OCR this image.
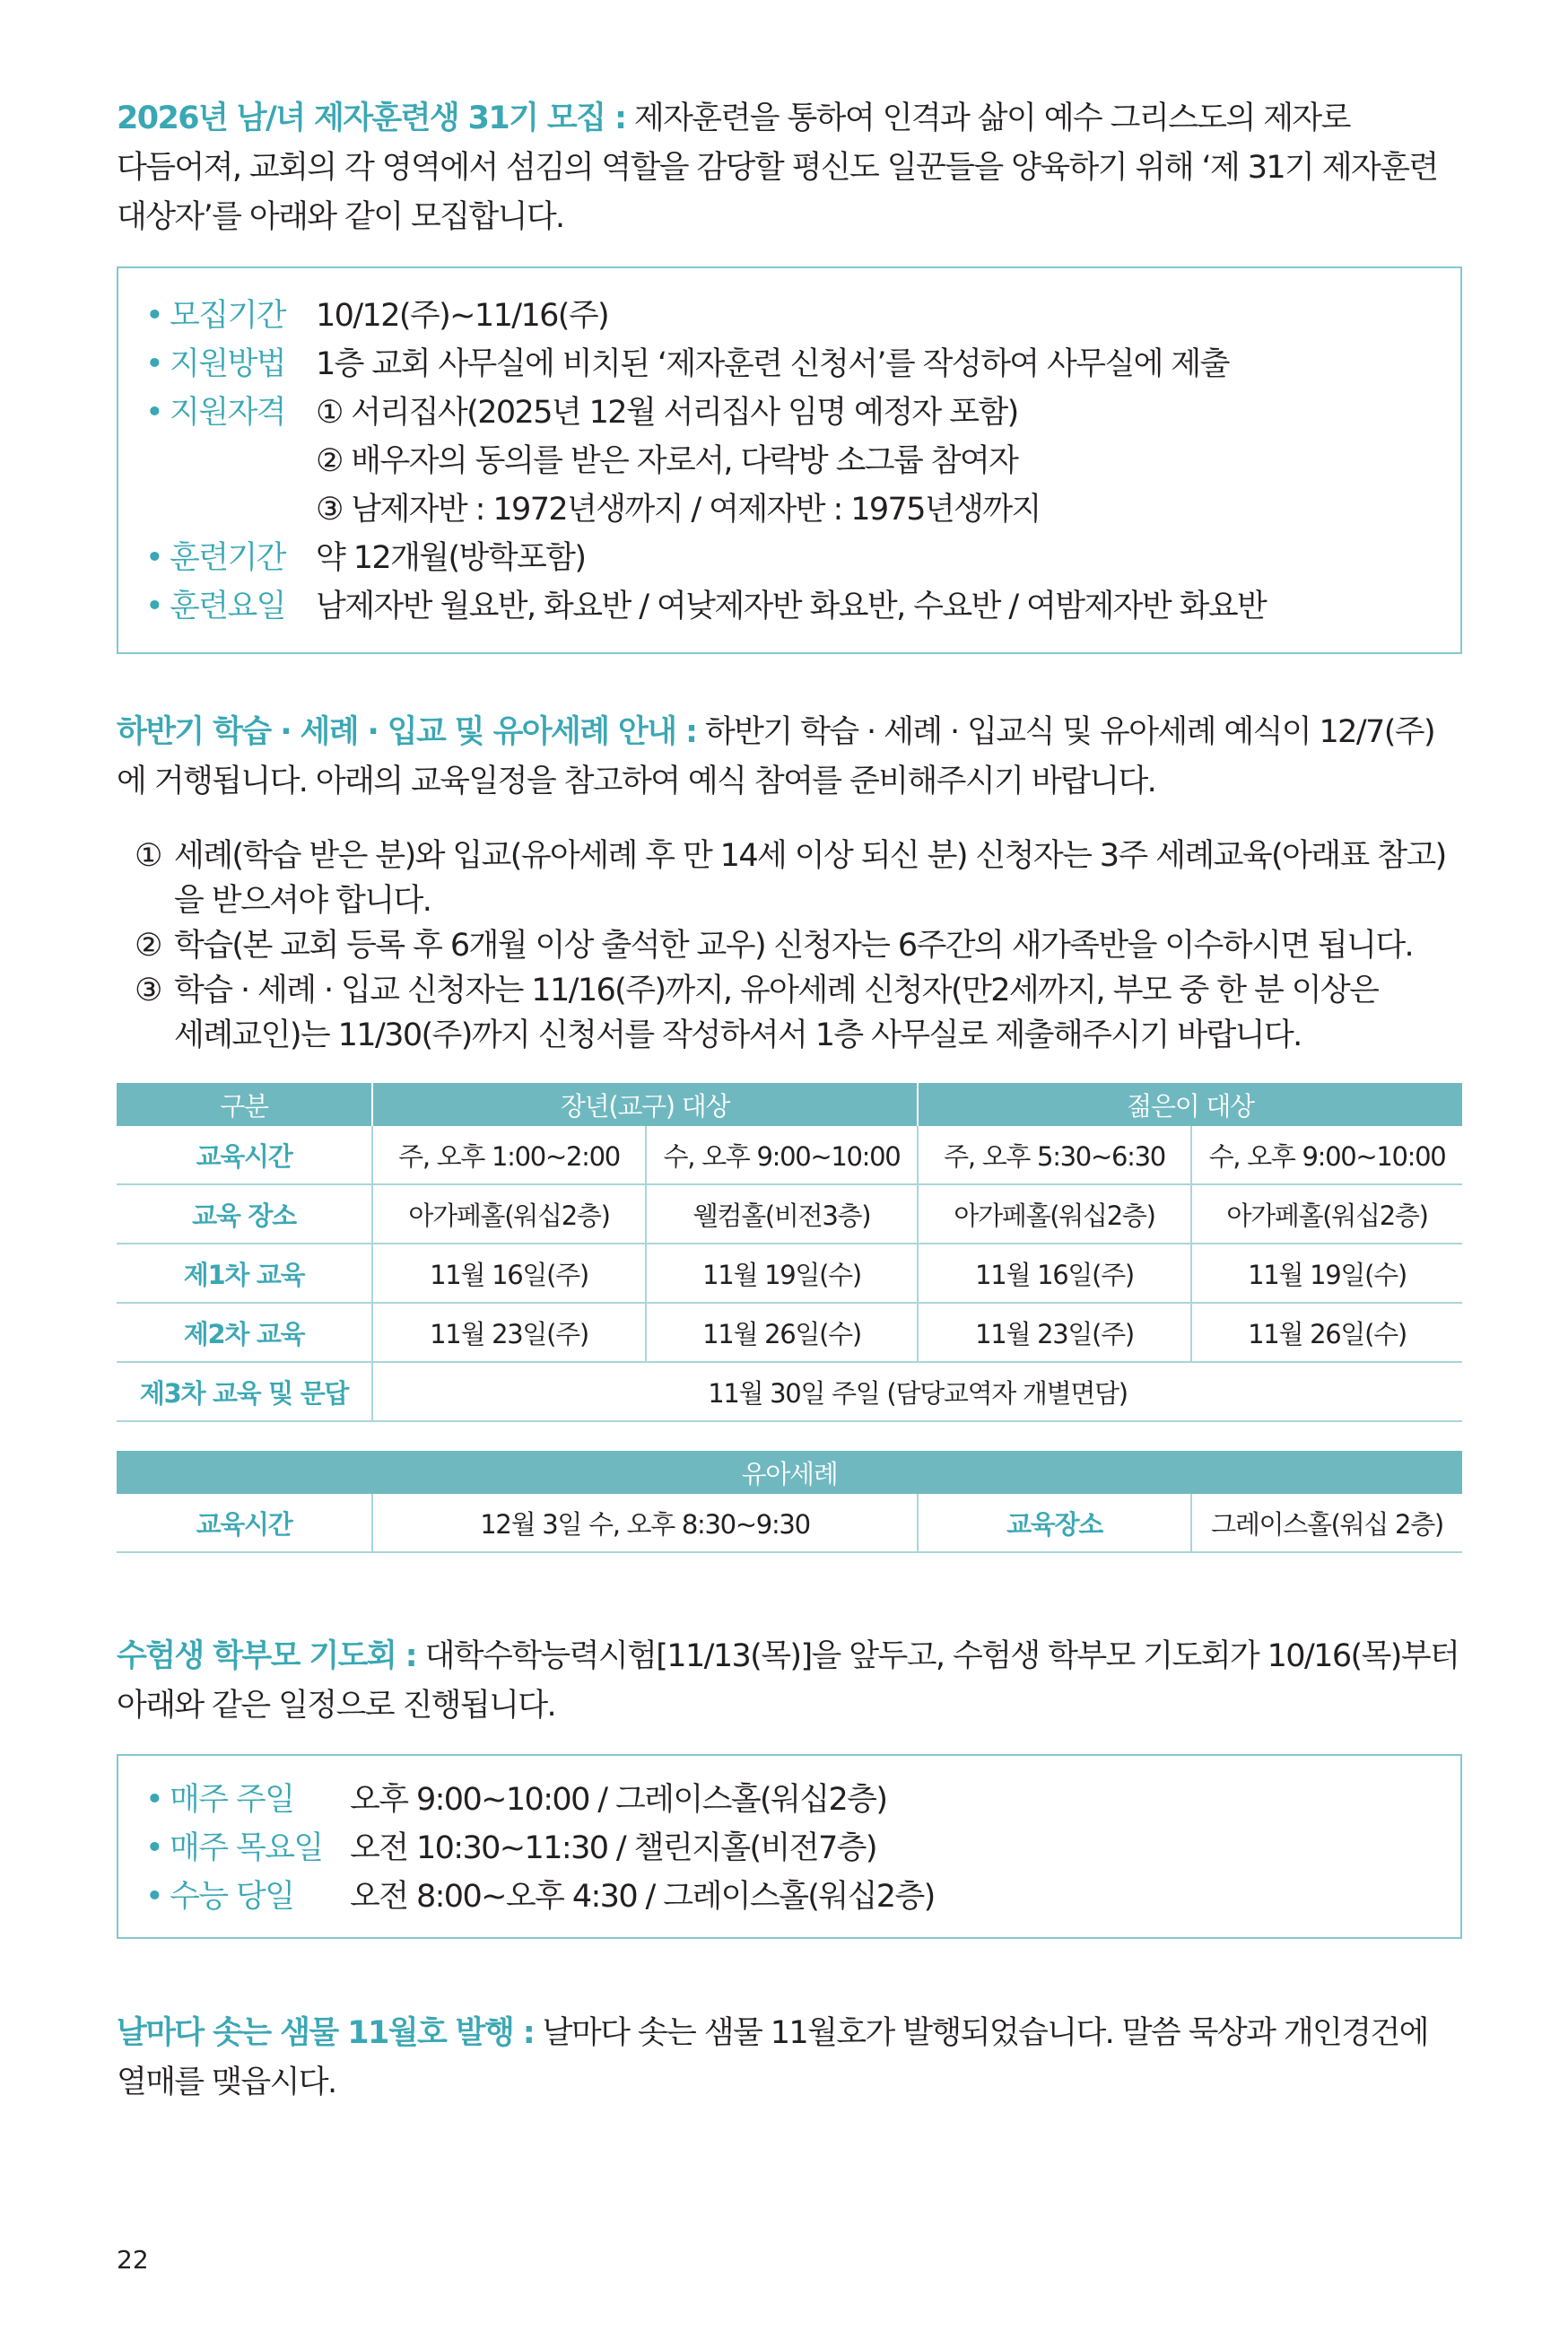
2026년 남/녀 제자훈련생 31기 모집 : 제자훈련을 통하여 인격과 삶이 예수 그리스도의 제자로 다듬어져, 교회의 각 영역에서 섬김의 역할을 감당할 평신도 일꾼들을 양육하기 위해 ‘제 31기 제자훈련 대상자’를 아래와 같이 모집합니다.

• 모집기간 10/12(주)~11/16(주)
• 지원방법 1층 교회 사무실에 비치된 ‘제자훈련 신청서’를 작성하여 사무실에 제출
• 지원자격 ① 서리집사(2025년 12월 서리집사 임명 예정자 포함)
② 배우자의 동의를 받은 자로서, 다락방 소그룹 참여자
③ 남제자반 : 1972년생까지 / 여제자반 : 1975년생까지
• 훈련기간 약 12개월(방학포함)
• 훈련요일 남제자반 월요반, 화요반 / 여낮제자반 화요반, 수요반 / 여밤제자반 화요반

하반기 학습 · 세례 · 입교 및 유아세례 안내 : 하반기 학습 · 세례 · 입교식 및 유아세례 예식이 12/7(주)에 거행됩니다. 아래의 교육일정을 참고하여 예식 참여를 준비해주시기 바랍니다.

① 세례(학습 받은 분)와 입교(유아세례 후 만 14세 이상 되신 분) 신청자는 3주 세례교육(아래표 참고)을 받으셔야 합니다.
② 학습(본 교회 등록 후 6개월 이상 출석한 교우) 신청자는 6주간의 새가족반을 이수하시면 됩니다.
③ 학습 · 세례 · 입교 신청자는 11/16(주)까지, 유아세례 신청자(만2세까지, 부모 중 한 분 이상은 세례교인)는 11/30(주)까지 신청서를 작성하셔서 1층 사무실로 제출해주시기 바랍니다.
구분	장년(교구) 대상		젊은이 대상	
교육시간	주, 오후 1:00~2:00	수, 오후 9:00~10:00	주, 오후 5:30~6:30	수, 오후 9:00~10:00
교육 장소	아가페홀(워십2층)	웰컴홀(비전3층)	아가페홀(워십2층)	아가페홀(워십2층)
제1차 교육	11월 16일(주)	11월 19일(수)	11월 16일(주)	11월 19일(수)
제2차 교육	11월 23일(주)	11월 26일(수)	11월 23일(주)	11월 26일(수)
제3차 교육 및 문답	11월 30일 주일 (담당교역자 개별면담)			
유아세례
교육시간	12월 3일 수, 오후 8:30~9:30	교육장소	그레이스홀(워십 2층)

수험생 학부모 기도회 : 대학수학능력시험[11/13(목)]을 앞두고, 수험생 학부모 기도회가 10/16(목)부터 아래와 같은 일정으로 진행됩니다.

• 매주 주일	오후 9:00~10:00 / 그레이스홀(워십2층)
• 매주 목요일 오전 10:30~11:30 / 챌린지홀(비전7층)
• 수능 당일	오전 8:00~오후 4:30 / 그레이스홀(워십2층)

날마다 솟는 샘물 11월호 발행 : 날마다 솟는 샘물 11월호가 발행되었습니다. 말씀 묵상과 개인경건에 열매를 맺읍시다.

22
